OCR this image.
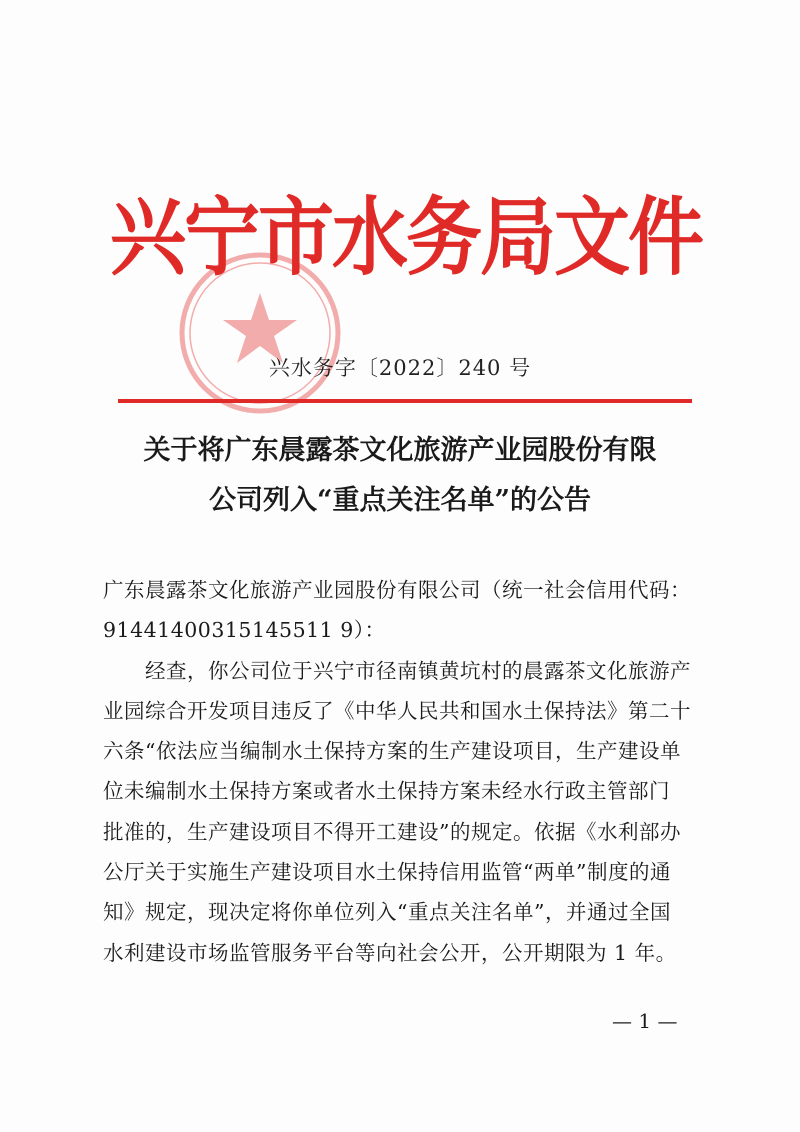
兴宁市水务局文件
兴水务字〔2022〕240 号
关于将广东晨露茶文化旅游产业园股份有限
公司列入“重点关注名单”的公告

广东晨露茶文化旅游产业园股份有限公司（统一社会信用代码：
91441400315145511 9）：

经查，你公司位于兴宁市径南镇黄坑村的晨露茶文化旅游产
业园综合开发项目违反了《中华人民共和国水土保持法》第二十
六条“依法应当编制水土保持方案的生产建设项目，生产建设单
位未编制水土保持方案或者水土保持方案未经水行政主管部门
批准的，生产建设项目不得开工建设”的规定。依据《水利部办
公厅关于实施生产建设项目水土保持信用监管“两单”制度的通
知》规定，现决定将你单位列入“重点关注名单”，并通过全国
水利建设市场监管服务平台等向社会公开，公开期限为 1 年。

— 1 —
